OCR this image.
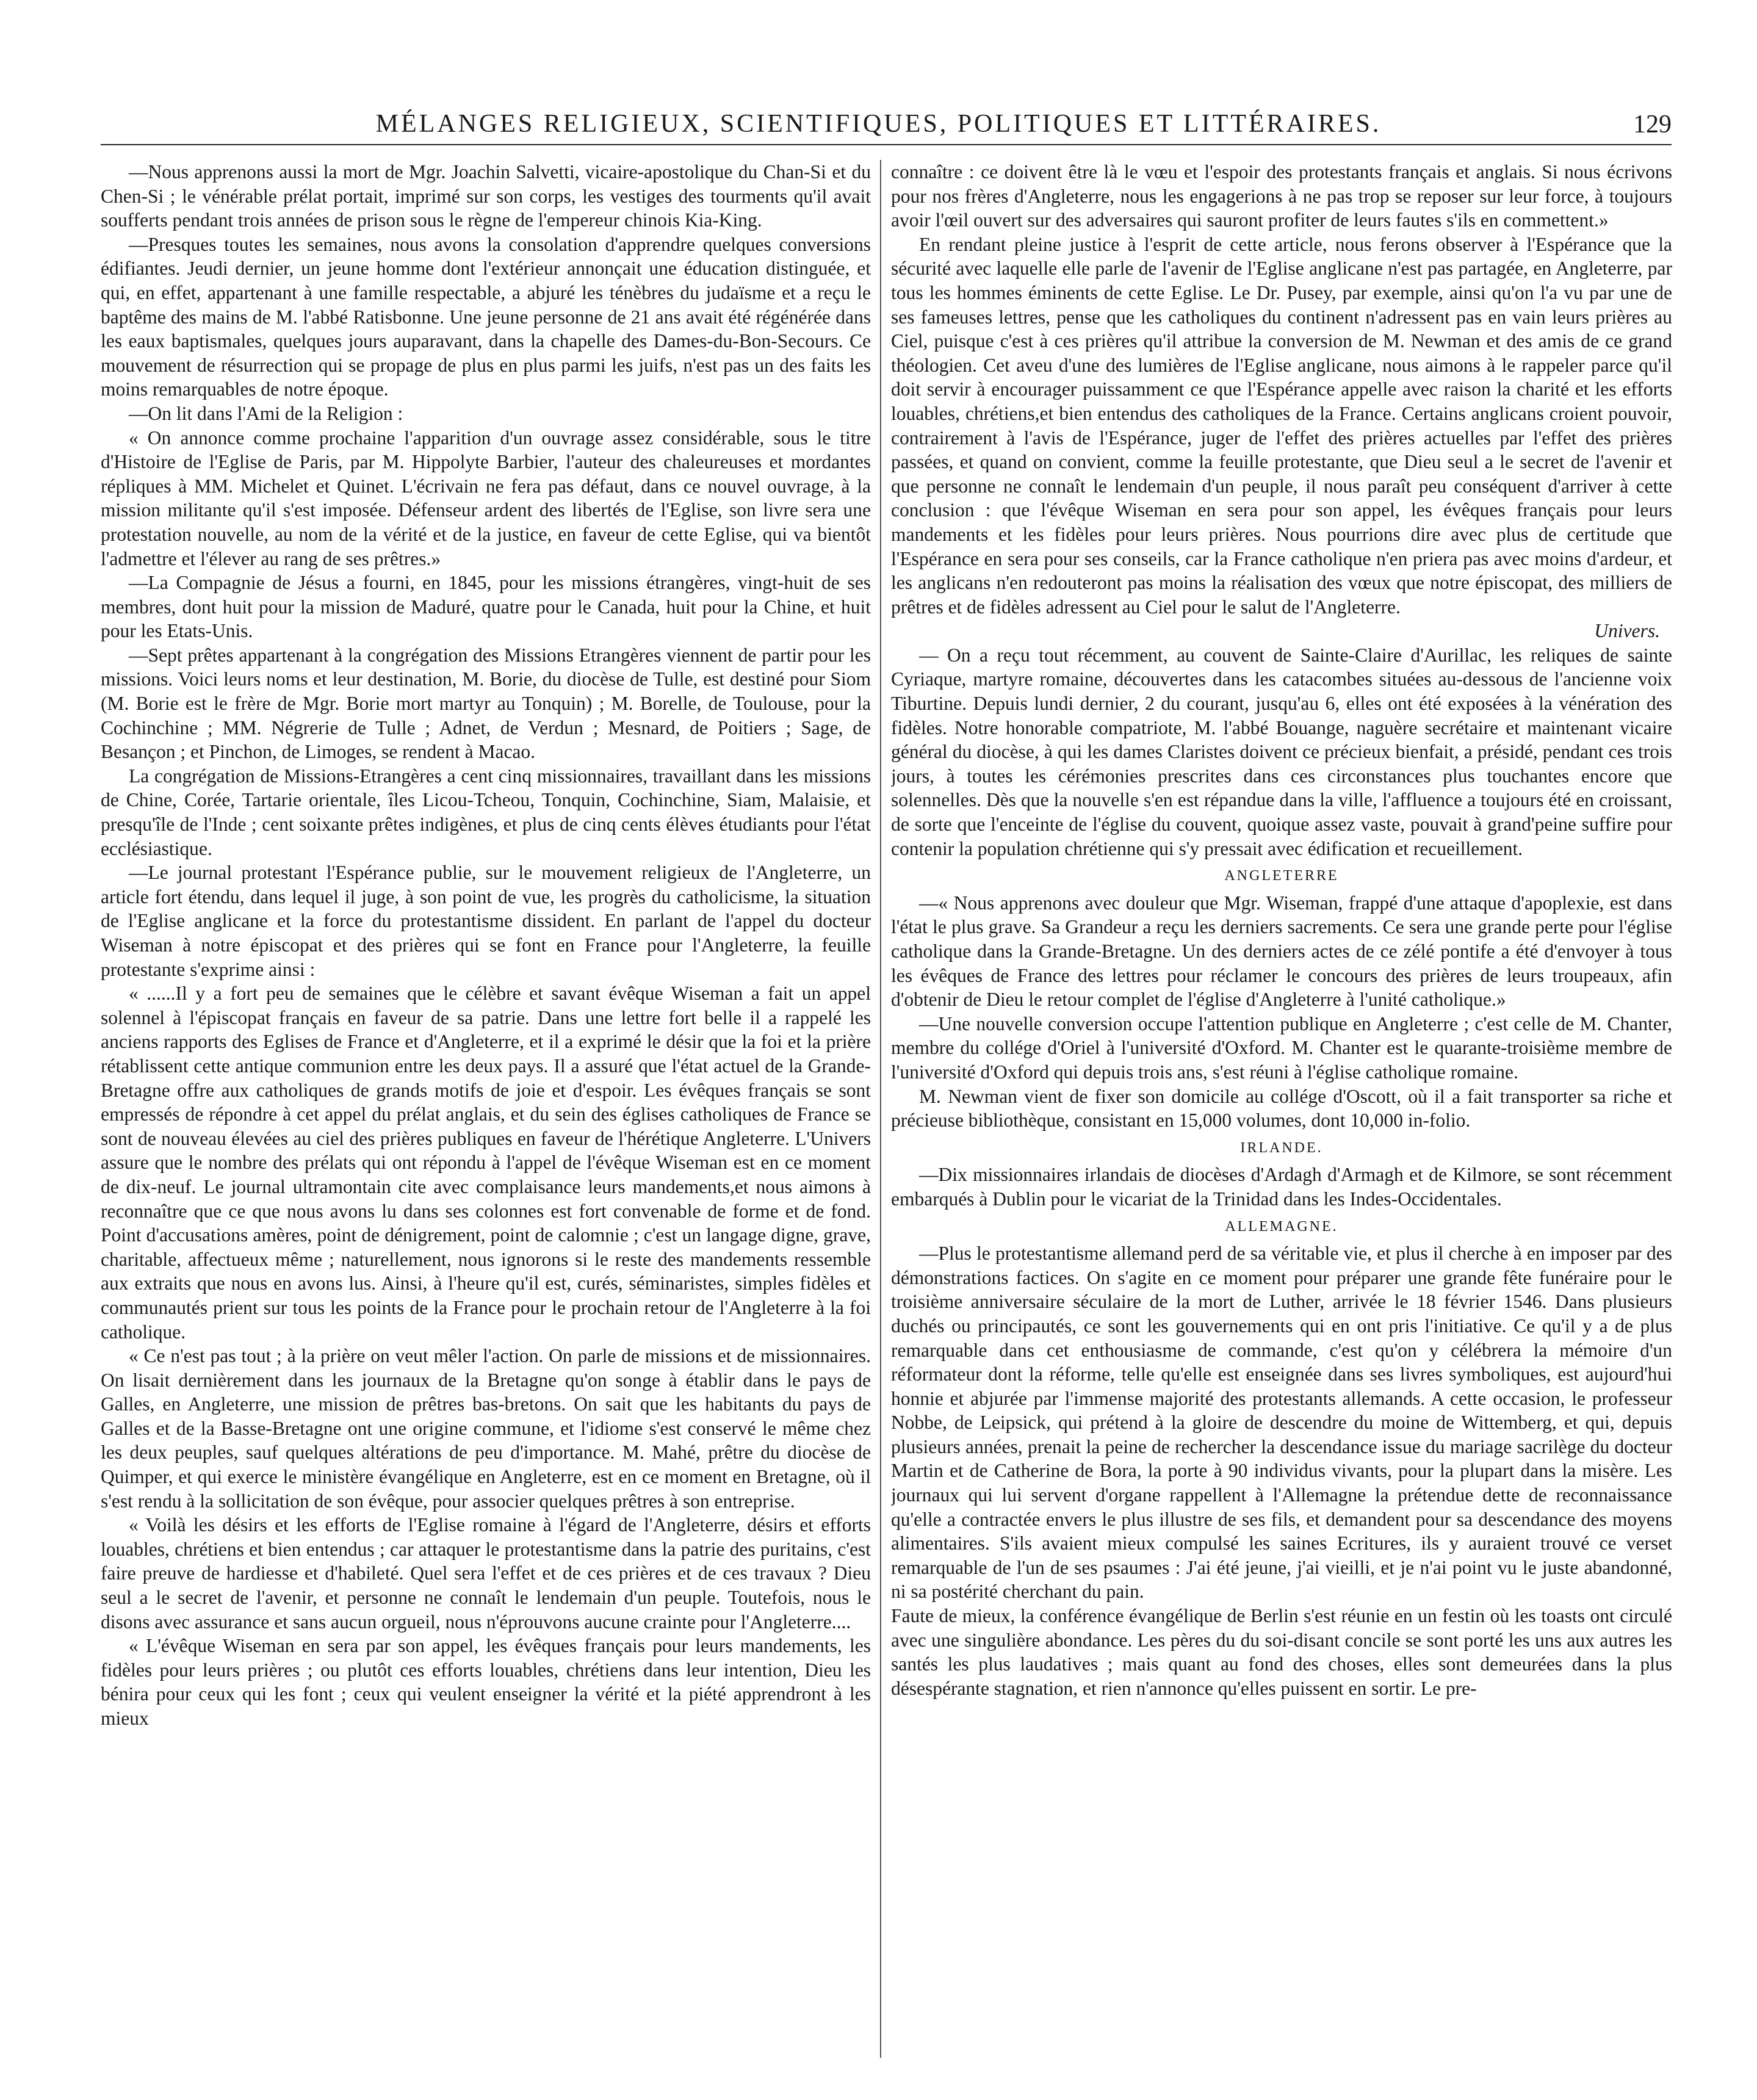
MÉLANGES RELIGIEUX, SCIENTIFIQUES, POLITIQUES ET LITTÉRAIRES.	129

—Nous apprenons aussi la mort de Mgr. Joachin Salvetti, vicaire-apostolique du Chan-Si et du Chen-Si ; le vénérable prélat portait, imprimé sur son corps, les vestiges des tourments qu'il avait soufferts pendant trois années de prison sous le règne de l'empereur chinois Kia-King.

—Presques toutes les semaines, nous avons la consolation d'apprendre quelques conversions édifiantes. Jeudi dernier, un jeune homme dont l'extérieur annonçait une éducation distinguée, et qui, en effet, appartenant à une famille respectable, a abjuré les ténèbres du judaïsme et a reçu le baptême des mains de M. l'abbé Ratisbonne. Une jeune personne de 21 ans avait été régénérée dans les eaux baptismales, quelques jours auparavant, dans la chapelle des Dames-du-Bon-Secours. Ce mouvement de résurrection qui se propage de plus en plus parmi les juifs, n'est pas un des faits les moins remarquables de notre époque.

—On lit dans l'Ami de la Religion :

« On annonce comme prochaine l'apparition d'un ouvrage assez considérable, sous le titre d'Histoire de l'Eglise de Paris, par M. Hippolyte Barbier, l'auteur des chaleureuses et mordantes répliques à MM. Michelet et Quinet. L'écrivain ne fera pas défaut, dans ce nouvel ouvrage, à la mission militante qu'il s'est imposée. Défenseur ardent des libertés de l'Eglise, son livre sera une protestation nouvelle, au nom de la vérité et de la justice, en faveur de cette Eglise, qui va bientôt l'admettre et l'élever au rang de ses prêtres.»

—La Compagnie de Jésus a fourni, en 1845, pour les missions étrangères, vingt-huit de ses membres, dont huit pour la mission de Maduré, quatre pour le Canada, huit pour la Chine, et huit pour les Etats-Unis.

—Sept prêtes appartenant à la congrégation des Missions Etrangères viennent de partir pour les missions. Voici leurs noms et leur destination, M. Borie, du diocèse de Tulle, est destiné pour Siom (M. Borie est le frère de Mgr. Borie mort martyr au Tonquin) ; M. Borelle, de Toulouse, pour la Cochinchine ; MM. Négrerie de Tulle ; Adnet, de Verdun ; Mesnard, de Poitiers ; Sage, de Besançon ; et Pinchon, de Limoges, se rendent à Macao.

La congrégation de Missions-Etrangères a cent cinq missionnaires, travaillant dans les missions de Chine, Corée, Tartarie orientale, îles Licou-Tcheou, Tonquin, Cochinchine, Siam, Malaisie, et presqu'île de l'Inde ; cent soixante prêtes indigènes, et plus de cinq cents élèves étudiants pour l'état ecclésiastique.

—Le journal protestant l'Espérance publie, sur le mouvement religieux de l'Angleterre, un article fort étendu, dans lequel il juge, à son point de vue, les progrès du catholicisme, la situation de l'Eglise anglicane et la force du protestantisme dissident. En parlant de l'appel du docteur Wiseman à notre épiscopat et des prières qui se font en France pour l'Angleterre, la feuille protestante s'exprime ainsi :

« ......Il y a fort peu de semaines que le célèbre et savant évêque Wiseman a fait un appel solennel à l'épiscopat français en faveur de sa patrie. Dans une lettre fort belle il a rappelé les anciens rapports des Eglises de France et d'Angleterre, et il a exprimé le désir que la foi et la prière rétablissent cette antique communion entre les deux pays. Il a assuré que l'état actuel de la Grande-Bretagne offre aux catholiques de grands motifs de joie et d'espoir. Les évêques français se sont empressés de répondre à cet appel du prélat anglais, et du sein des églises catholiques de France se sont de nouveau élevées au ciel des prières publiques en faveur de l'hérétique Angleterre. L'Univers assure que le nombre des prélats qui ont répondu à l'appel de l'évêque Wiseman est en ce moment de dix-neuf. Le journal ultramontain cite avec complaisance leurs mandements,et nous aimons à reconnaître que ce que nous avons lu dans ses colonnes est fort convenable de forme et de fond. Point d'accusations amères, point de dénigrement, point de calomnie ; c'est un langage digne, grave, charitable, affectueux même ; naturellement, nous ignorons si le reste des mandements ressemble aux extraits que nous en avons lus. Ainsi, à l'heure qu'il est, curés, séminaristes, simples fidèles et communautés prient sur tous les points de la France pour le prochain retour de l'Angleterre à la foi catholique.

« Ce n'est pas tout ; à la prière on veut mêler l'action. On parle de missions et de missionnaires. On lisait dernièrement dans les journaux de la Bretagne qu'on songe à établir dans le pays de Galles, en Angleterre, une mission de prêtres bas-bretons. On sait que les habitants du pays de Galles et de la Basse-Bretagne ont une origine commune, et l'idiome s'est conservé le même chez les deux peuples, sauf quelques altérations de peu d'importance. M. Mahé, prêtre du diocèse de Quimper, et qui exerce le ministère évangélique en Angleterre, est en ce moment en Bretagne, où il s'est rendu à la sollicitation de son évêque, pour associer quelques prêtres à son entreprise.

« Voilà les désirs et les efforts de l'Eglise romaine à l'égard de l'Angleterre, désirs et efforts louables, chrétiens et bien entendus ; car attaquer le protestantisme dans la patrie des puritains, c'est faire preuve de hardiesse et d'habileté. Quel sera l'effet et de ces prières et de ces travaux ? Dieu seul a le secret de l'avenir, et personne ne connaît le lendemain d'un peuple. Toutefois, nous le disons avec assurance et sans aucun orgueil, nous n'éprouvons aucune crainte pour l'Angleterre....

« L'évêque Wiseman en sera par son appel, les évêques français pour leurs mandements, les fidèles pour leurs prières ; ou plutôt ces efforts louables, chrétiens dans leur intention, Dieu les bénira pour ceux qui les font ; ceux qui veulent enseigner la vérité et la piété apprendront à les mieux

connaître : ce doivent être là le vœu et l'espoir des protestants français et anglais. Si nous écrivons pour nos frères d'Angleterre, nous les engagerions à ne pas trop se reposer sur leur force, à toujours avoir l'œil ouvert sur des adversaires qui sauront profiter de leurs fautes s'ils en commettent.»

En rendant pleine justice à l'esprit de cette article, nous ferons observer à l'Espérance que la sécurité avec laquelle elle parle de l'avenir de l'Eglise anglicane n'est pas partagée, en Angleterre, par tous les hommes éminents de cette Eglise. Le Dr. Pusey, par exemple, ainsi qu'on l'a vu par une de ses fameuses lettres, pense que les catholiques du continent n'adressent pas en vain leurs prières au Ciel, puisque c'est à ces prières qu'il attribue la conversion de M. Newman et des amis de ce grand théologien. Cet aveu d'une des lumières de l'Eglise anglicane, nous aimons à le rappeler parce qu'il doit servir à encourager puissamment ce que l'Espérance appelle avec raison la charité et les efforts louables, chrétiens,et bien entendus des catholiques de la France. Certains anglicans croient pouvoir, contrairement à l'avis de l'Espérance, juger de l'effet des prières actuelles par l'effet des prières passées, et quand on convient, comme la feuille protestante, que Dieu seul a le secret de l'avenir et que personne ne connaît le lendemain d'un peuple, il nous paraît peu conséquent d'arriver à cette conclusion : que l'évêque Wiseman en sera pour son appel, les évêques français pour leurs mandements et les fidèles pour leurs prières. Nous pourrions dire avec plus de certitude que l'Espérance en sera pour ses conseils, car la France catholique n'en priera pas avec moins d'ardeur, et les anglicans n'en redouteront pas moins la réalisation des vœux que notre épiscopat, des milliers de prêtres et de fidèles adressent au Ciel pour le salut de l'Angleterre.

Univers.

— On a reçu tout récemment, au couvent de Sainte-Claire d'Aurillac, les reliques de sainte Cyriaque, martyre romaine, découvertes dans les catacombes situées au-dessous de l'ancienne voix Tiburtine. Depuis lundi dernier, 2 du courant, jusqu'au 6, elles ont été exposées à la vénération des fidèles. Notre honorable compatriote, M. l'abbé Bouange, naguère secrétaire et maintenant vicaire général du diocèse, à qui les dames Claristes doivent ce précieux bienfait, a présidé, pendant ces trois jours, à toutes les cérémonies prescrites dans ces circonstances plus touchantes encore que solennelles. Dès que la nouvelle s'en est répandue dans la ville, l'affluence a toujours été en croissant, de sorte que l'enceinte de l'église du couvent, quoique assez vaste, pouvait à grand'peine suffire pour contenir la population chrétienne qui s'y pressait avec édification et recueillement.

ANGLETERRE

—« Nous apprenons avec douleur que Mgr. Wiseman, frappé d'une attaque d'apoplexie, est dans l'état le plus grave. Sa Grandeur a reçu les derniers sacrements. Ce sera une grande perte pour l'église catholique dans la Grande-Bretagne. Un des derniers actes de ce zélé pontife a été d'envoyer à tous les évêques de France des lettres pour réclamer le concours des prières de leurs troupeaux, afin d'obtenir de Dieu le retour complet de l'église d'Angleterre à l'unité catholique.»

—Une nouvelle conversion occupe l'attention publique en Angleterre ; c'est celle de M. Chanter, membre du collége d'Oriel à l'université d'Oxford. M. Chanter est le quarante-troisième membre de l'université d'Oxford qui depuis trois ans, s'est réuni à l'église catholique romaine.

M. Newman vient de fixer son domicile au collége d'Oscott, où il a fait transporter sa riche et précieuse bibliothèque, consistant en 15,000 volumes, dont 10,000 in-folio.

IRLANDE.

—Dix missionnaires irlandais de diocèses d'Ardagh d'Armagh et de Kilmore, se sont récemment embarqués à Dublin pour le vicariat de la Trinidad dans les Indes-Occidentales.

ALLEMAGNE.

—Plus le protestantisme allemand perd de sa véritable vie, et plus il cherche à en imposer par des démonstrations factices. On s'agite en ce moment pour préparer une grande fête funéraire pour le troisième anniversaire séculaire de la mort de Luther, arrivée le 18 février 1546. Dans plusieurs duchés ou principautés, ce sont les gouvernements qui en ont pris l'initiative. Ce qu'il y a de plus remarquable dans cet enthousiasme de commande, c'est qu'on y célébrera la mémoire d'un réformateur dont la réforme, telle qu'elle est enseignée dans ses livres symboliques, est aujourd'hui honnie et abjurée par l'immense majorité des protestants allemands. A cette occasion, le professeur Nobbe, de Leipsick, qui prétend à la gloire de descendre du moine de Wittemberg, et qui, depuis plusieurs années, prenait la peine de rechercher la descendance issue du mariage sacrilège du docteur Martin et de Catherine de Bora, la porte à 90 individus vivants, pour la plupart dans la misère. Les journaux qui lui servent d'organe rappellent à l'Allemagne la prétendue dette de reconnaissance qu'elle a contractée envers le plus illustre de ses fils, et demandent pour sa descendance des moyens alimentaires. S'ils avaient mieux compulsé les saines Ecritures, ils y auraient trouvé ce verset remarquable de l'un de ses psaumes : J'ai été jeune, j'ai vieilli, et je n'ai point vu le juste abandonné, ni sa postérité cherchant du pain.

Faute de mieux, la conférence évangélique de Berlin s'est réunie en un festin où les toasts ont circulé avec une singulière abondance. Les pères du du soi-disant concile se sont porté les uns aux autres les santés les plus laudatives ; mais quant au fond des choses, elles sont demeurées dans la plus désespérante stagnation, et rien n'annonce qu'elles puissent en sortir. Le pre-
